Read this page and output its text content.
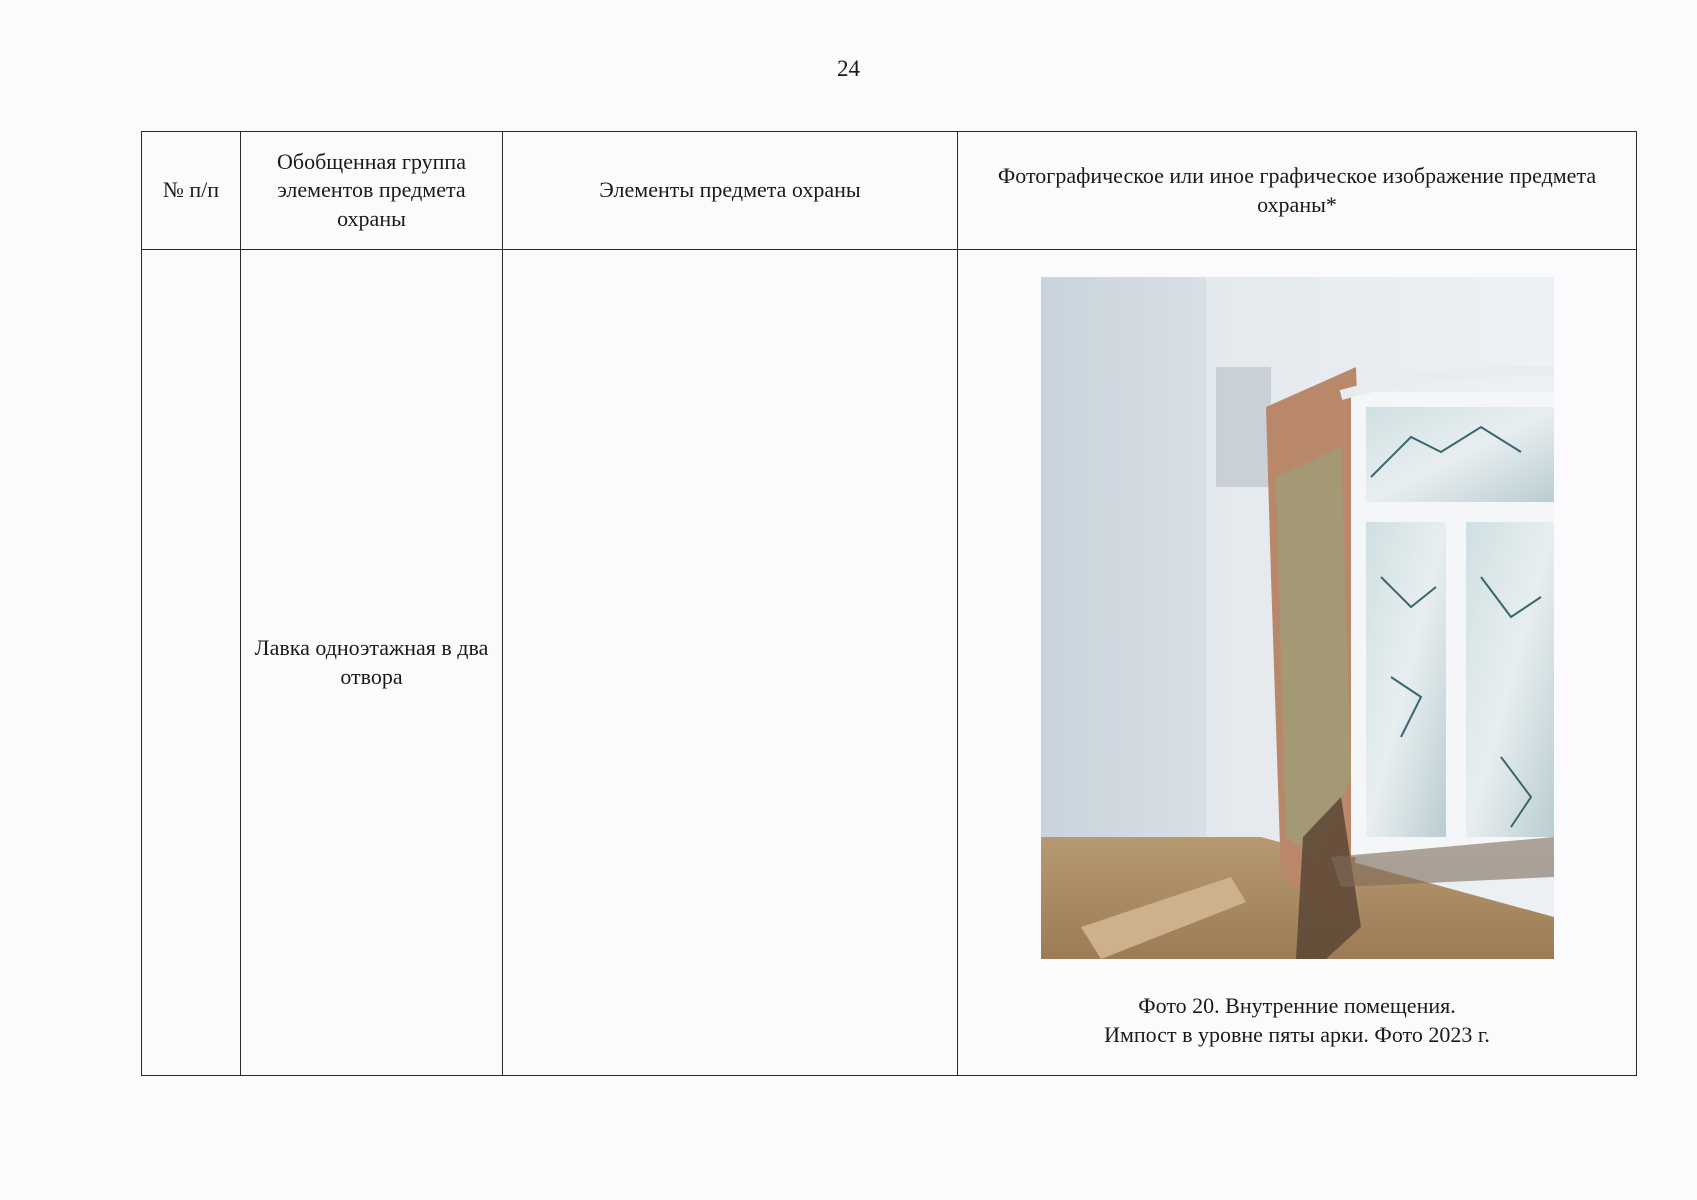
24
№ п/п	Обобщенная группа элементов предмета охраны	Элементы предмета охраны	Фотографическое или иное графическое изображение предмета охраны*
	Лавка одноэтажная в два отвора		Фото 20. Внутренние помещения.
Импост в уровне пяты арки. Фото 2023 г.
